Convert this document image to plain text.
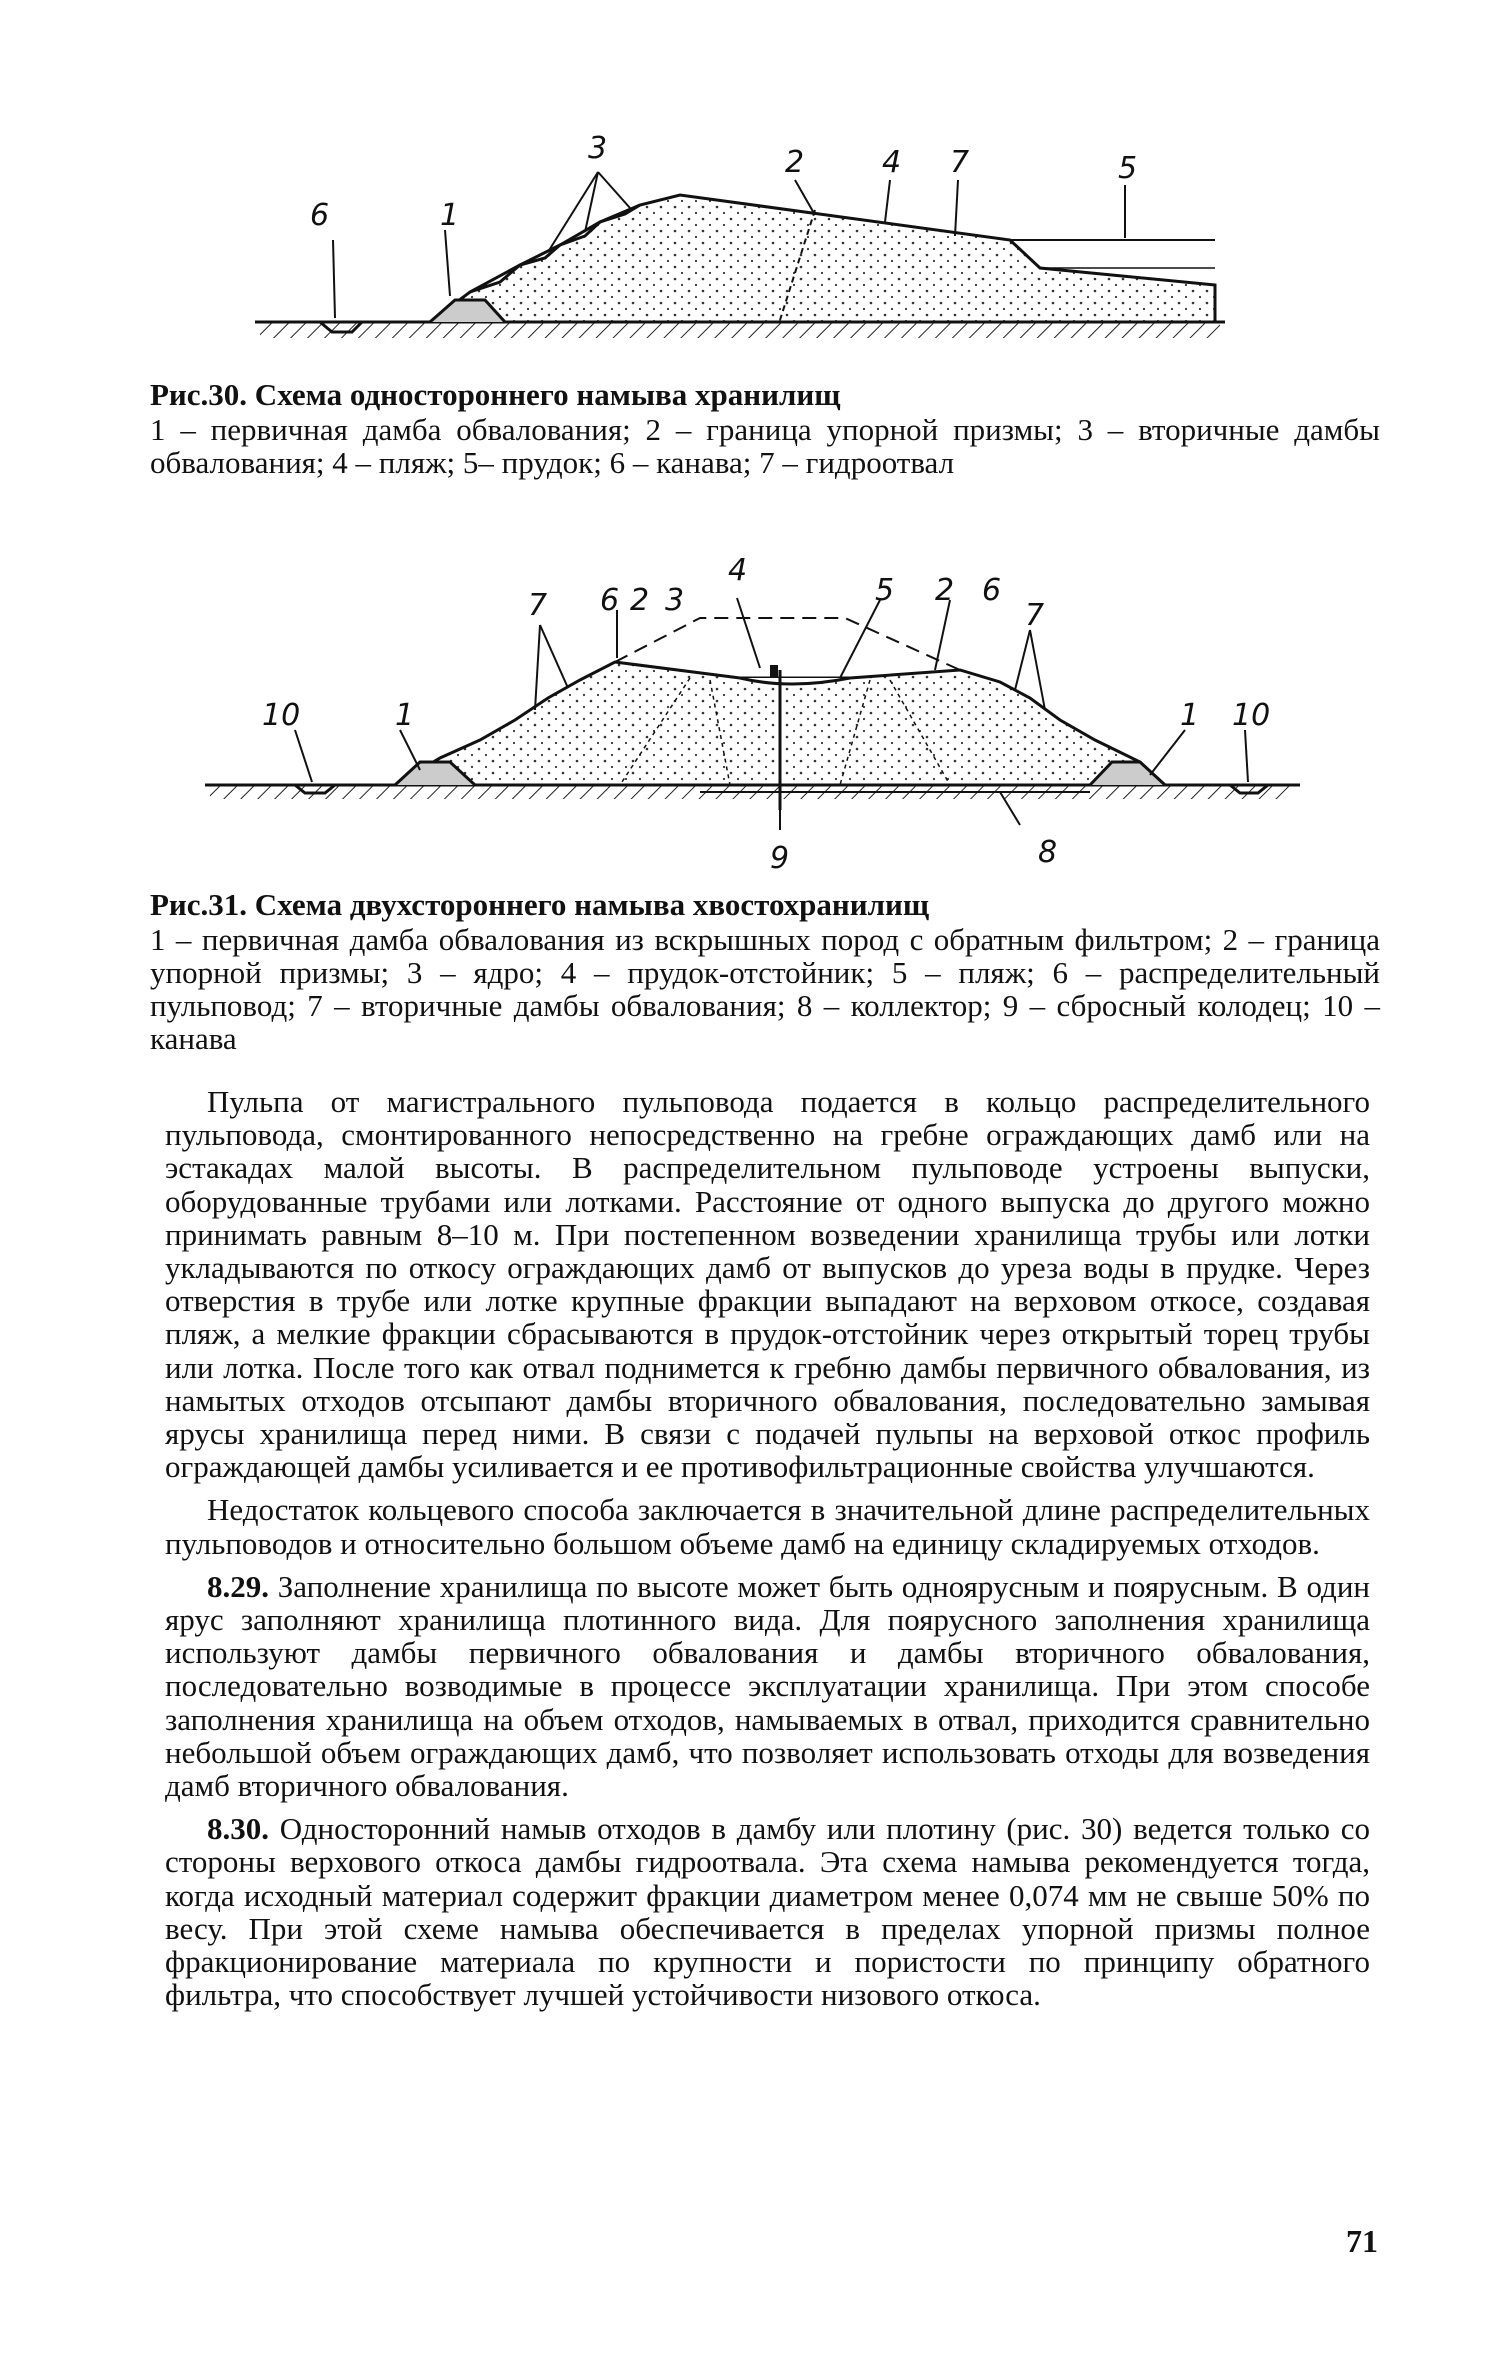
6	1
3	2	4 7	5
Рис.30. Схема одностороннего намыва хранилищ
1 – первичная дамба обвалования; 2 – граница упорной призмы; 3 – вторичные дамбы обвалования; 4 – пляж; 5– прудок; 6 – канава; 7 – гидроотвал
4
7 6 2 3	5 2 6
7
10	1	1 10
9	8
Рис.31. Схема двухстороннего намыва хвостохранилищ
1 – первичная дамба обвалования из вскрышных пород с обратным фильтром; 2 – граница упорной призмы; 3 – ядро; 4 – прудок-отстойник; 5 – пляж; 6 – распределительный пульповод; 7 – вторичные дамбы обвалования; 8 – коллектор; 9 – сбросный колодец; 10 – канава

Пульпа от магистрального пульповода подается в кольцо распределительного пульповода, смонтированного непосредственно на гребне ограждающих дамб или на эстакадах малой высоты. В распределительном пульповоде устроены выпуски, оборудованные трубами или лотками. Расстояние от одного выпуска до другого можно принимать равным 8–10 м. При постепенном возведении хранилища трубы или лотки укладываются по откосу ограждающих дамб от выпусков до уреза воды в прудке. Через отверстия в трубе или лотке крупные фракции выпадают на верховом откосе, создавая пляж, а мелкие фракции сбрасываются в прудок-отстойник через открытый торец трубы или лотка. После того как отвал поднимется к гребню дамбы первичного обвалования, из намытых отходов отсыпают дамбы вторичного обвалования, последовательно замывая ярусы хранилища перед ними. В связи с подачей пульпы на верховой откос профиль ограждающей дамбы усиливается и ее противофильтрационные свойства улучшаются.

Недостаток кольцевого способа заключается в значительной длине распределительных пульповодов и относительно большом объеме дамб на единицу складируемых отходов.

8.29. Заполнение хранилища по высоте может быть одноярусным и поярусным. В один ярус заполняют хранилища плотинного вида. Для поярусного заполнения хранилища используют дамбы первичного обвалования и дамбы вторичного обвалования, последовательно возводимые в процессе эксплуатации хранилища. При этом способе заполнения хранилища на объем отходов, намываемых в отвал, приходится сравнительно небольшой объем ограждающих дамб, что позволяет использовать отходы для возведения дамб вторичного обвалования.

8.30. Односторонний намыв отходов в дамбу или плотину (рис. 30) ведется только со стороны верхового откоса дамбы гидроотвала. Эта схема намыва рекомендуется тогда, когда исходный материал содержит фракции диаметром менее 0,074 мм не свыше 50% по весу. При этой схеме намыва обеспечивается в пределах упорной призмы полное фракционирование материала по крупности и пористости по принципу обратного фильтра, что способствует лучшей устойчивости низового откоса.

71
